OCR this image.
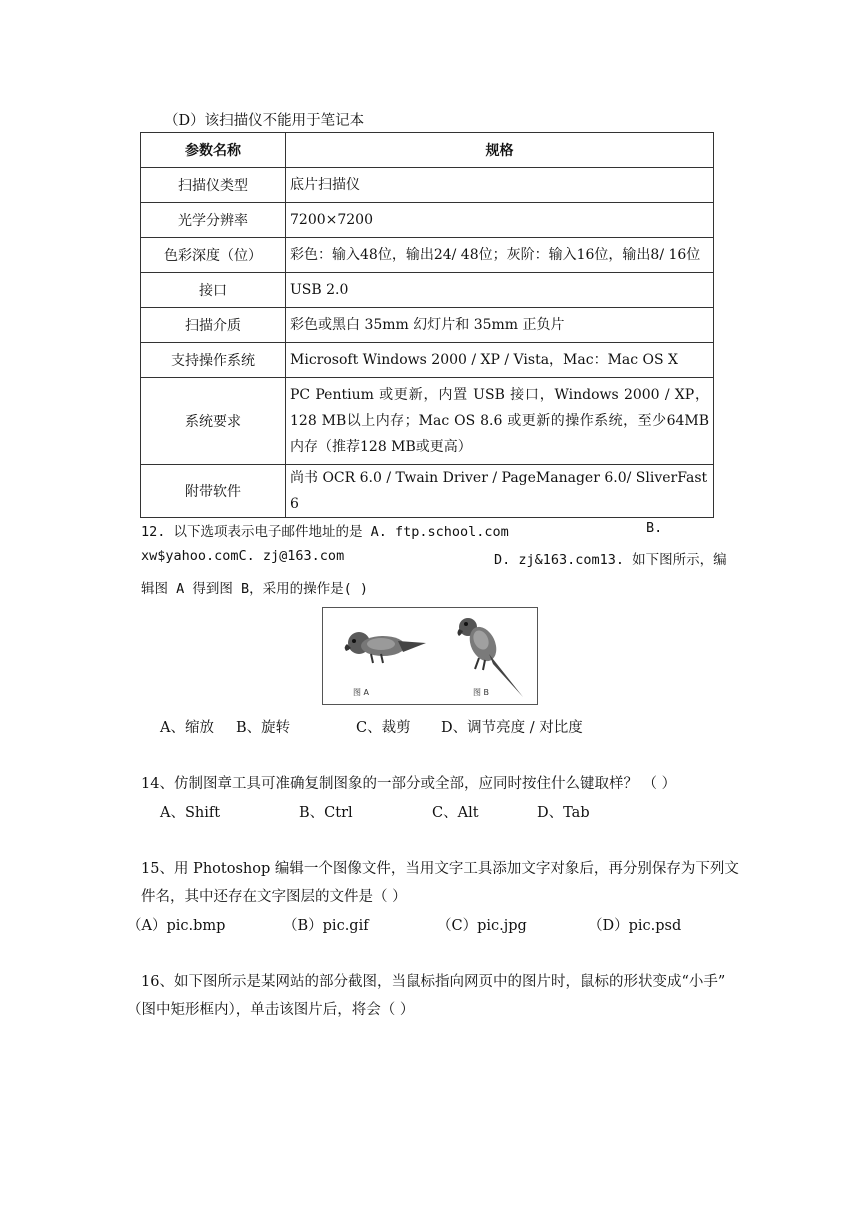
（D）该扫描仪不能用于笔记本
参数名称	规格
扫描仪类型	底片扫描仪
光学分辨率	7200×7200
色彩深度（位）	彩色：输入48位，输出24/ 48位；灰阶：输入16位，输出8/ 16位
接口	USB 2.0
扫描介质	彩色或黑白 35mm 幻灯片和 35mm 正负片
支持操作系统	Microsoft Windows 2000 / XP / Vista，Mac：Mac OS X
系统要求	PC Pentium 或更新，内置 USB 接口，Windows 2000 / XP，128 MB以上内存；Mac OS 8.6 或更新的操作系统，至少64MB 内存（推荐128 MB或更高）
附带软件	尚书 OCR 6.0 / Twain Driver / PageManager 6.0/ SliverFast 6
12. 以下选项表示电子邮件地址的是 A. ftp.school.com	B.
xw$yahoo.comC. zj@163.com	D. zj&163.com13. 如下图所示，编
辑图 A 得到图 B，采用的操作是( )
图 A	图 B
A、缩放 B、旋转	C、裁剪 D、调节亮度 / 对比度
14、仿制图章工具可准确复制图象的一部分或全部，应同时按住什么键取样？ （ ）
A、Shift	B、Ctrl	C、Alt	D、Tab
15、用 Photoshop 编辑一个图像文件，当用文字工具添加文字对象后，再分别保存为下列文
件名，其中还存在文字图层的文件是（ ）
（A）pic.bmp	（B）pic.gif	（C）pic.jpg	（D）pic.psd
16、如下图所示是某网站的部分截图，当鼠标指向网页中的图片时，鼠标的形状变成“小手”
（图中矩形框内），单击该图片后，将会（ ）
